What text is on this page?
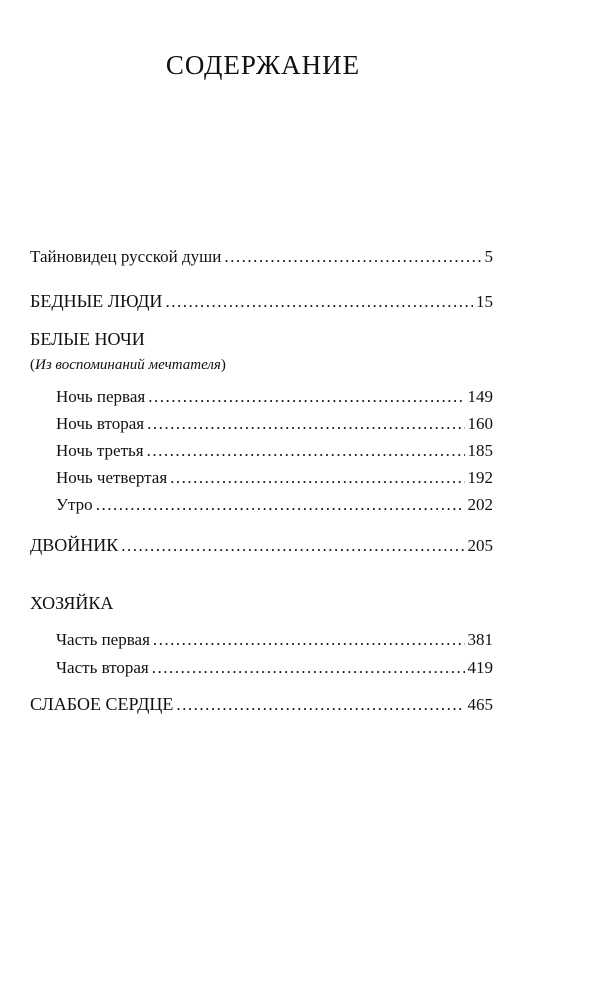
СОДЕРЖАНИЕ
Тайновидец русской души .....	5
БЕДНЫЕ ЛЮДИ .....	15
БЕЛЫЕ НОЧИ
(Из воспоминаний мечтателя)
Ночь первая .....	149
Ночь вторая .....	160
Ночь третья .....	185
Ночь четвертая .....	192
Утро .....	202
ДВОЙНИК .....	205
ХОЗЯЙКА
Часть первая .....	381
Часть вторая .....	419
СЛАБОЕ СЕРДЦЕ .....	465
